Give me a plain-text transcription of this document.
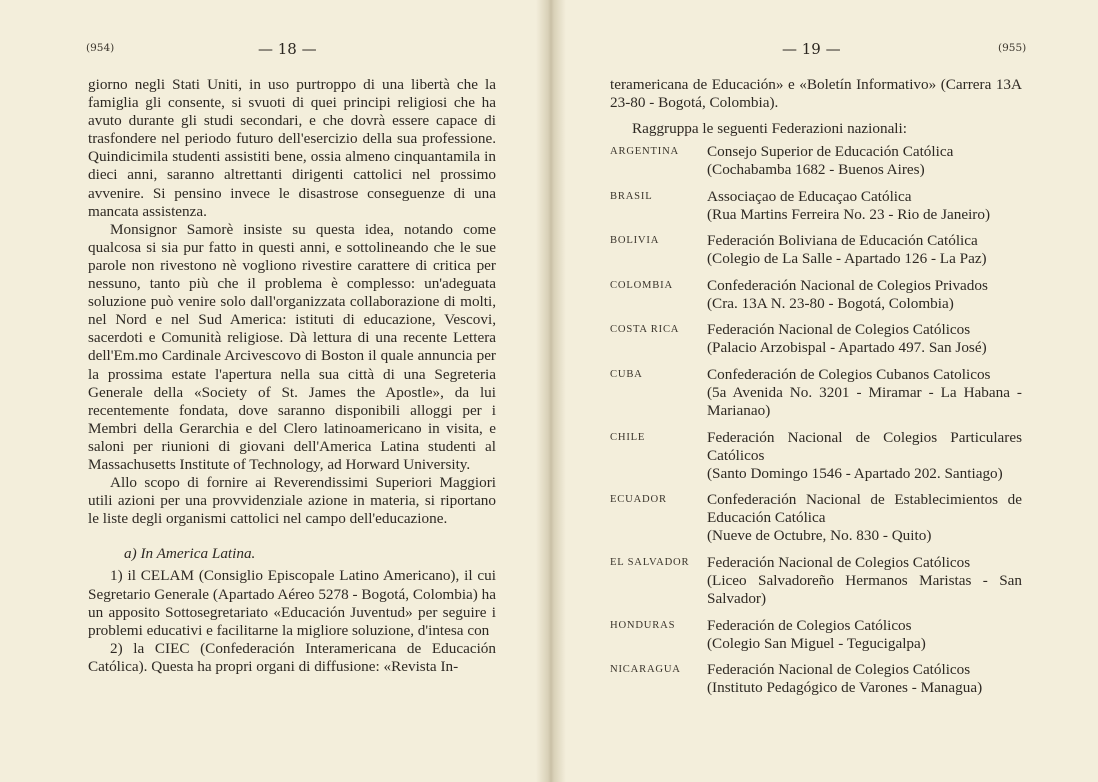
(954)	— 18 —

giorno negli Stati Uniti, in uso purtroppo di una libertà che la famiglia gli consente, si svuoti di quei principi religiosi che ha avuto durante gli studi secondari, e che dovrà essere capace di trasfondere nel periodo futuro dell'esercizio della sua professione. Quindicimila studenti assistiti bene, ossia almeno cinquantamila in dieci anni, saranno altrettanti dirigenti cattolici nel prossimo avvenire. Si pensino invece le disastrose conseguenze di una mancata assistenza.

Monsignor Samorè insiste su questa idea, notando come qualcosa si sia pur fatto in questi anni, e sottolineando che le sue parole non rivestono nè vogliono rivestire carattere di critica per nessuno, tanto più che il problema è complesso: un'adeguata soluzione può venire solo dall'organizzata collaborazione di molti, nel Nord e nel Sud America: istituti di educazione, Vescovi, sacerdoti e Comunità religiose. Dà lettura di una recente Lettera dell'Em.mo Cardinale Arcivescovo di Boston il quale annuncia per la prossima estate l'apertura nella sua città di una Segreteria Generale della «Society of St. James the Apostle», da lui recentemente fondata, dove saranno disponibili alloggi per i Membri della Gerarchia e del Clero latinoamericano in visita, e saloni per riunioni di giovani dell'America Latina studenti al Massachusetts Institute of Technology, ad Horward University.

Allo scopo di fornire ai Reverendissimi Superiori Maggiori utili azioni per una provvidenziale azione in materia, si riportano le liste degli organismi cattolici nel campo dell'educazione.

a) In America Latina.

1) il CELAM (Consiglio Episcopale Latino Americano), il cui Segretario Generale (Apartado Aéreo 5278 - Bogotá, Colombia) ha un apposito Sottosegretariato «Educación Juventud» per seguire i problemi educativi e facilitarne la migliore soluzione, d'intesa con

2) la CIEC (Confederación Interamericana de Educación Católica). Questa ha propri organi di diffusione: «Revista In-

— 19 —	(955)

teramericana de Educación» e «Boletín Informativo» (Carrera 13A 23-80 - Bogotá, Colombia).

Raggruppa le seguenti Federazioni nazionali:

ARGENTINA	Consejo Superior de Educación Católica
(Cochabamba 1682 - Buenos Aires)
BRASIL	Associaçao de Educaçao Católica
(Rua Martins Ferreira No. 23 - Rio de Janeiro)
BOLIVIA	Federación Boliviana de Educación Católica
(Colegio de La Salle - Apartado 126 - La Paz)
COLOMBIA	Confederación Nacional de Colegios Privados
(Cra. 13A N. 23-80 - Bogotá, Colombia)
COSTA RICA	Federación Nacional de Colegios Católicos
(Palacio Arzobispal - Apartado 497. San José)
CUBA	Confederación de Colegios Cubanos Catolicos
(5a Avenida No. 3201 - Miramar - La Habana - Marianao)
CHILE	Federación Nacional de Colegios Particulares Católicos
(Santo Domingo 1546 - Apartado 202. Santiago)
ECUADOR	Confederación Nacional de Establecimientos de Educación Católica
(Nueve de Octubre, No. 830 - Quito)
EL SALVADOR	Federación Nacional de Colegios Católicos
(Liceo Salvadoreño Hermanos Maristas - San Salvador)
HONDURAS	Federación de Colegios Católicos
(Colegio San Miguel - Tegucigalpa)
NICARAGUA	Federación Nacional de Colegios Católicos
(Instituto Pedagógico de Varones - Managua)
